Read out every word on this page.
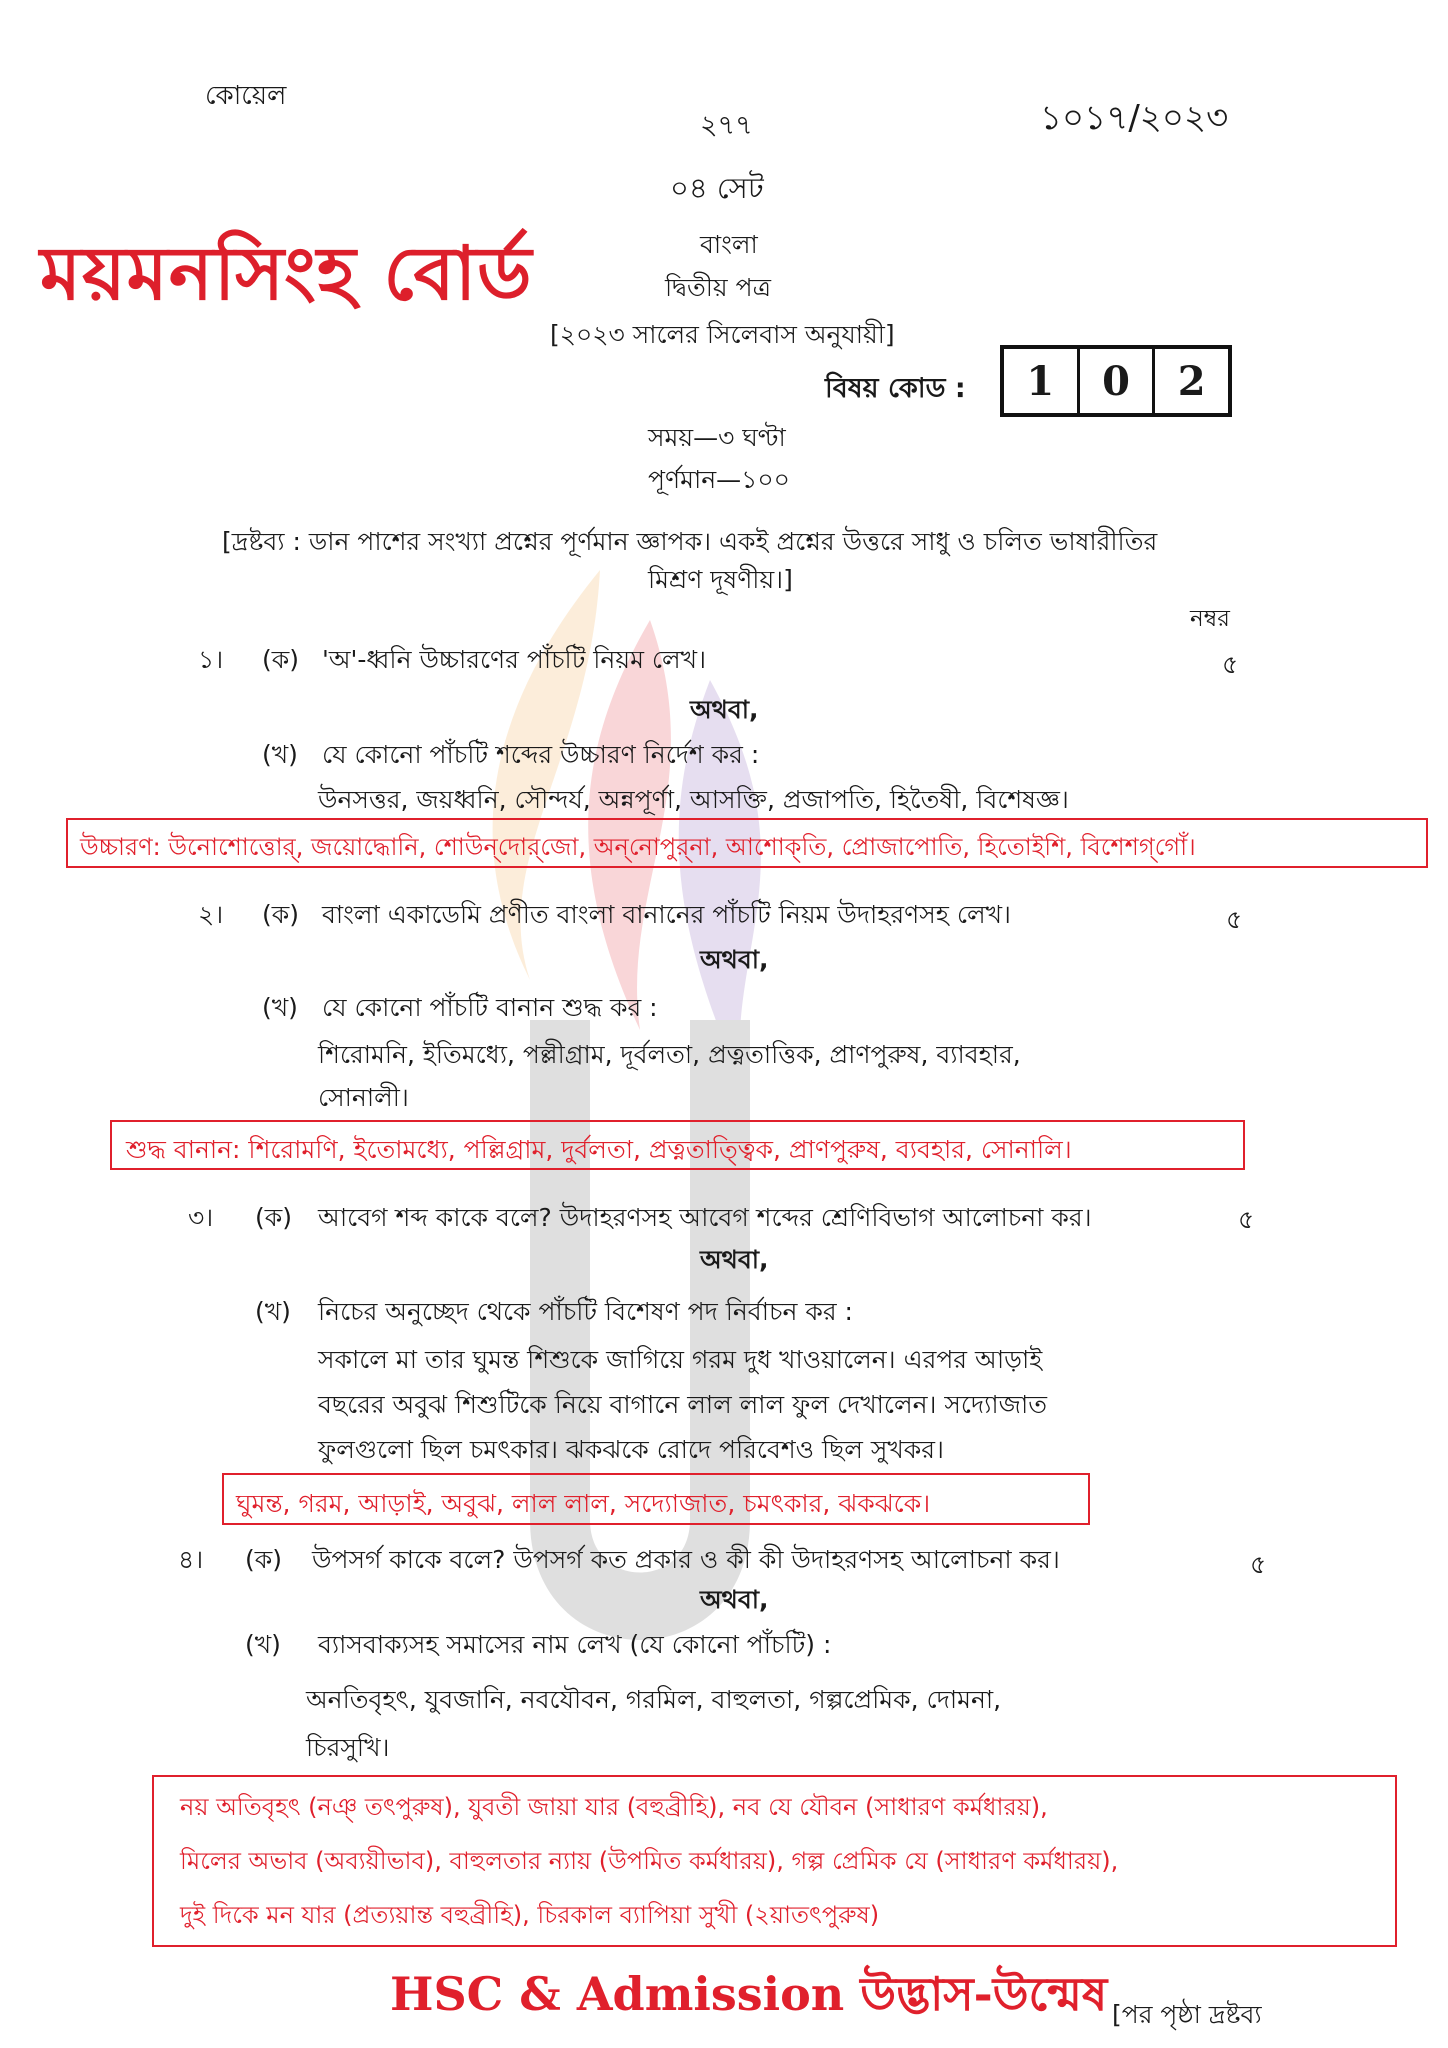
কোয়েল
২৭৭	১০১৭/২০২৩
০৪ সেট
ময়মনসিংহ বোর্ড	বাংলা
দ্বিতীয় পত্র
[২০২৩ সালের সিলেবাস অনুযায়ী]
বিষয় কোড :	1	0	2
সময়—৩ ঘণ্টা
পূর্ণমান—১০০
[দ্রষ্টব্য : ডান পাশের সংখ্যা প্রশ্নের পূর্ণমান জ্ঞাপক। একই প্রশ্নের উত্তরে সাধু ও চলিত ভাষারীতির
মিশ্রণ দূষণীয়।]
নম্বর
১। (ক) 'অ'-ধ্বনি উচ্চারণের পাঁচটি নিয়ম লেখ।	৫
অথবা,
(খ) যে কোনো পাঁচটি শব্দের উচ্চারণ নির্দেশ কর :
উনসত্তর, জয়ধ্বনি, সৌন্দর্য, অন্নপূর্ণা, আসক্তি, প্রজাপতি, হিতৈষী, বিশেষজ্ঞ।
উচ্চারণ: উনোশোত্তোর্, জয়োদ্ধোনি, শোউন্‌দোর্‌জো, অন্‌নোপুর্‌না, আশোক্‌তি, প্রোজাপোতি, হিতোইশি, বিশেশগ্‌গোঁ।
২। (ক) বাংলা একাডেমি প্রণীত বাংলা বানানের পাঁচটি নিয়ম উদাহরণসহ লেখ।	৫
অথবা,
(খ) যে কোনো পাঁচটি বানান শুদ্ধ কর :
শিরোমনি, ইতিমধ্যে, পল্লীগ্রাম, দূর্বলতা, প্রত্নতাত্তিক, প্রাণপুরুষ, ব্যাবহার,
সোনালী।
শুদ্ধ বানান: শিরোমণি, ইতোমধ্যে, পল্লিগ্রাম, দুর্বলতা, প্রত্নতাত্ত্বিক, প্রাণপুরুষ, ব্যবহার, সোনালি।
৩। (ক) আবেগ শব্দ কাকে বলে? উদাহরণসহ আবেগ শব্দের শ্রেণিবিভাগ আলোচনা কর।	৫
অথবা,
(খ) নিচের অনুচ্ছেদ থেকে পাঁচটি বিশেষণ পদ নির্বাচন কর :
সকালে মা তার ঘুমন্ত শিশুকে জাগিয়ে গরম দুধ খাওয়ালেন। এরপর আড়াই
বছরের অবুঝ শিশুটিকে নিয়ে বাগানে লাল লাল ফুল দেখালেন। সদ্যোজাত
ফুলগুলো ছিল চমৎকার। ঝকঝকে রোদে পরিবেশও ছিল সুখকর।
ঘুমন্ত, গরম, আড়াই, অবুঝ, লাল লাল, সদ্যোজাত, চমৎকার, ঝকঝকে।
৪। (ক) উপসর্গ কাকে বলে? উপসর্গ কত প্রকার ও কী কী উদাহরণসহ আলোচনা কর।	৫
অথবা,
(খ) ব্যাসবাক্যসহ সমাসের নাম লেখ (যে কোনো পাঁচটি) :
অনতিবৃহৎ, যুবজানি, নবযৌবন, গরমিল, বাহুলতা, গল্পপ্রেমিক, দোমনা,
চিরসুখি।
নয় অতিবৃহৎ (নঞ্‌ তৎপুরুষ), যুবতী জায়া যার (বহুব্রীহি), নব যে যৌবন (সাধারণ কর্মধারয়),
মিলের অভাব (অব্যয়ীভাব), বাহুলতার ন্যায় (উপমিত কর্মধারয়), গল্প প্রেমিক যে (সাধারণ কর্মধারয়),
দুই দিকে মন যার (প্রত্যয়ান্ত বহুব্রীহি), চিরকাল ব্যাপিয়া সুখী (২য়াতৎপুরুষ)
HSC & Admission উদ্ভাস-উন্মেষ [পর পৃষ্ঠা দ্রষ্টব্য
